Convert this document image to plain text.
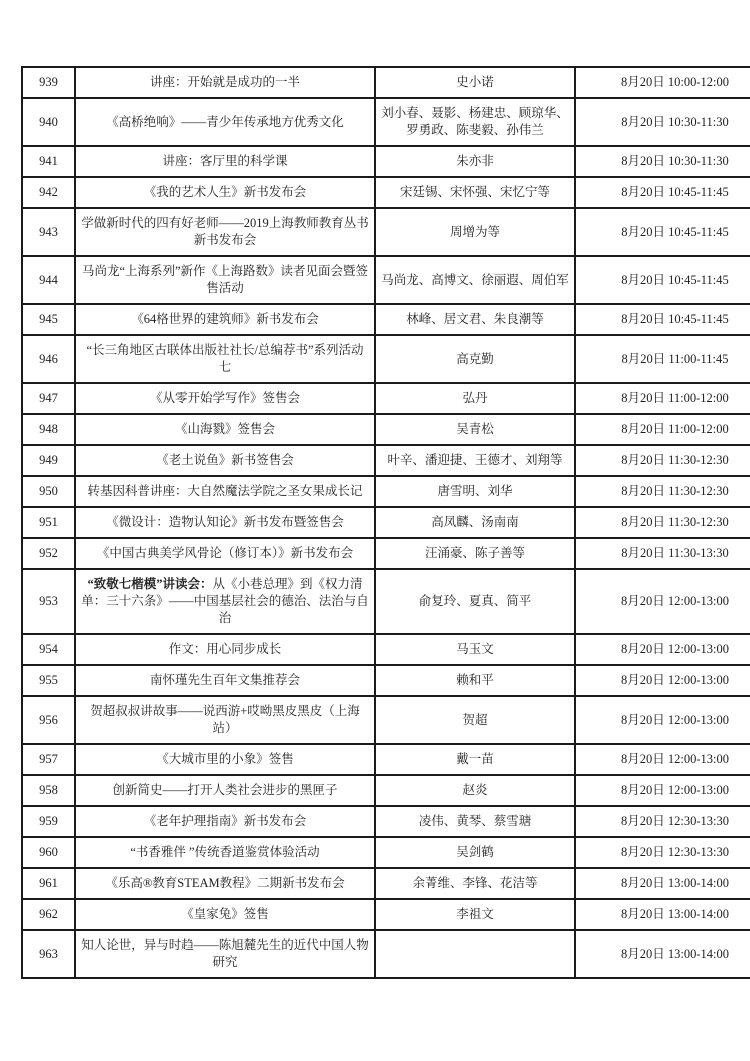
939	讲座：开始就是成功的一半	史小诺	8月20日 10:00-12:00
940	《高桥绝响》——青少年传承地方优秀文化	刘小春、聂影、杨建忠、顾琼华、罗勇政、陈斐毅、孙伟兰	8月20日 10:30-11:30
941	讲座：客厅里的科学课	朱亦非	8月20日 10:30-11:30
942	《我的艺术人生》新书发布会	宋廷锡、宋怀强、宋忆宁等	8月20日 10:45-11:45
943	学做新时代的四有好老师——2019上海教师教育丛书新书发布会	周增为等	8月20日 10:45-11:45
944	马尚龙“上海系列”新作《上海路数》读者见面会暨签售活动	马尚龙、高博文、徐丽遐、周伯军	8月20日 10:45-11:45
945	《64格世界的建筑师》新书发布会	林峰、居文君、朱良潮等	8月20日 10:45-11:45
946	“长三角地区古联体出版社社长/总编荐书”系列活动七	高克勤	8月20日 11:00-11:45
947	《从零开始学写作》签售会	弘丹	8月20日 11:00-12:00
948	《山海戮》签售会	吴青松	8月20日 11:00-12:00
949	《老土说鱼》新书签售会	叶辛、潘迎捷、王德才、刘翔等	8月20日 11:30-12:30
950	转基因科普讲座：大自然魔法学院之圣女果成长记	唐雪明、刘华	8月20日 11:30-12:30
951	《微设计：造物认知论》新书发布暨签售会	高凤麟、汤南南	8月20日 11:30-12:30
952	《中国古典美学风骨论（修订本）》新书发布会	汪涌豪、陈子善等	8月20日 11:30-13:30
953	“致敬七楷模”讲读会：从《小巷总理》到《权力清单：三十六条》——中国基层社会的德治、法治与自治	俞复玲、夏真、简平	8月20日 12:00-13:00
954	作文：用心同步成长	马玉文	8月20日 12:00-13:00
955	南怀瑾先生百年文集推荐会	赖和平	8月20日 12:00-13:00
956	贺超叔叔讲故事——说西游+哎呦黑皮黑皮（上海站）	贺超	8月20日 12:00-13:00
957	《大城市里的小象》签售	戴一苗	8月20日 12:00-13:00
958	创新简史——打开人类社会进步的黑匣子	赵炎	8月20日 12:00-13:00
959	《老年护理指南》新书发布会	凌伟、黄琴、蔡雪瑭	8月20日 12:30-13:30
960	“书香雅伴 ”传统香道鉴赏体验活动	吴剑鹤	8月20日 12:30-13:30
961	《乐高®教育STEAM教程》二期新书发布会	余菁维、李锋、花洁等	8月20日 13:00-14:00
962	《皇家兔》签售	李祖文	8月20日 13:00-14:00
963	知人论世，异与时趋——陈旭麓先生的近代中国人物研究		8月20日 13:00-14:00
